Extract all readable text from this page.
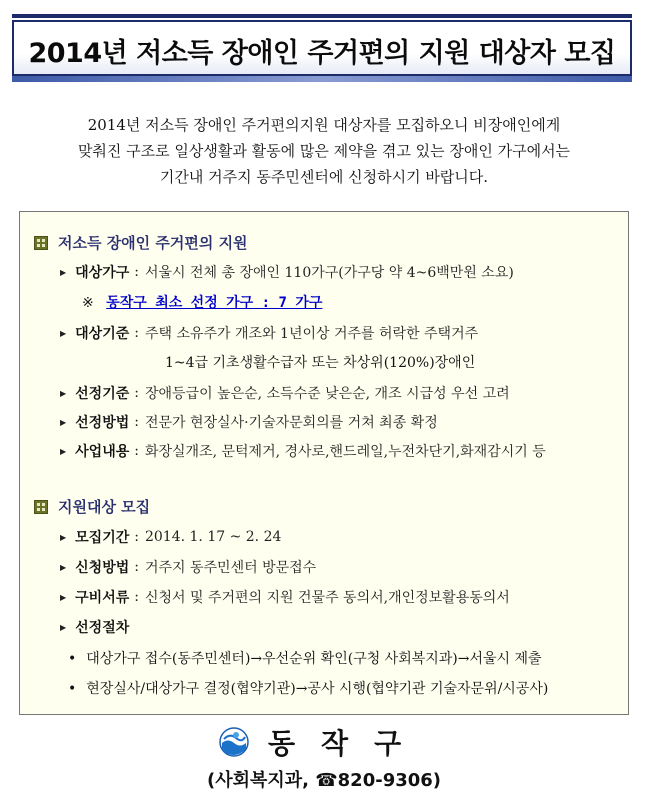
2014년 저소득 장애인 주거편의 지원 대상자 모집
2014년 저소득 장애인 주거편의지원 대상자를 모집하오니 비장애인에게
맞춰진 구조로 일상생활과 활동에 많은 제약을 겪고 있는 장애인 가구에서는
기간내 거주지 동주민센터에 신청하시기 바랍니다.
저소득 장애인 주거편의 지원
▶ 대상가구 : 서울시 전체 총 장애인 110가구(가구당 약 4~6백만원 소요)
※ 동작구 최소 선정 가구 : 7 가구
▶ 대상기준 : 주택 소유주가 개조와 1년이상 거주를 허락한 주택거주
1~4급 기초생활수급자 또는 차상위(120%)장애인
▶ 선정기준 : 장애등급이 높은순, 소득수준 낮은순, 개조 시급성 우선 고려
▶ 선정방법 : 전문가 현장실사·기술자문회의를 거쳐 최종 확정
▶ 사업내용 : 화장실개조, 문턱제거, 경사로,핸드레일,누전차단기,화재감시기 등
지원대상 모집
▶ 모집기간 : 2014. 1. 17 ~ 2. 24
▶ 신청방법 : 거주지 동주민센터 방문접수
▶ 구비서류 : 신청서 및 주거편의 지원 건물주 동의서,개인정보활용동의서
▶ 선정절차
• 대상가구 접수(동주민센터)→우선순위 확인(구청 사회복지과)→서울시 제출
• 현장실사/대상가구 결정(협약기관)→공사 시행(협약기관 기술자문위/시공사)
동작구
(사회복지과, ☎820-9306)
